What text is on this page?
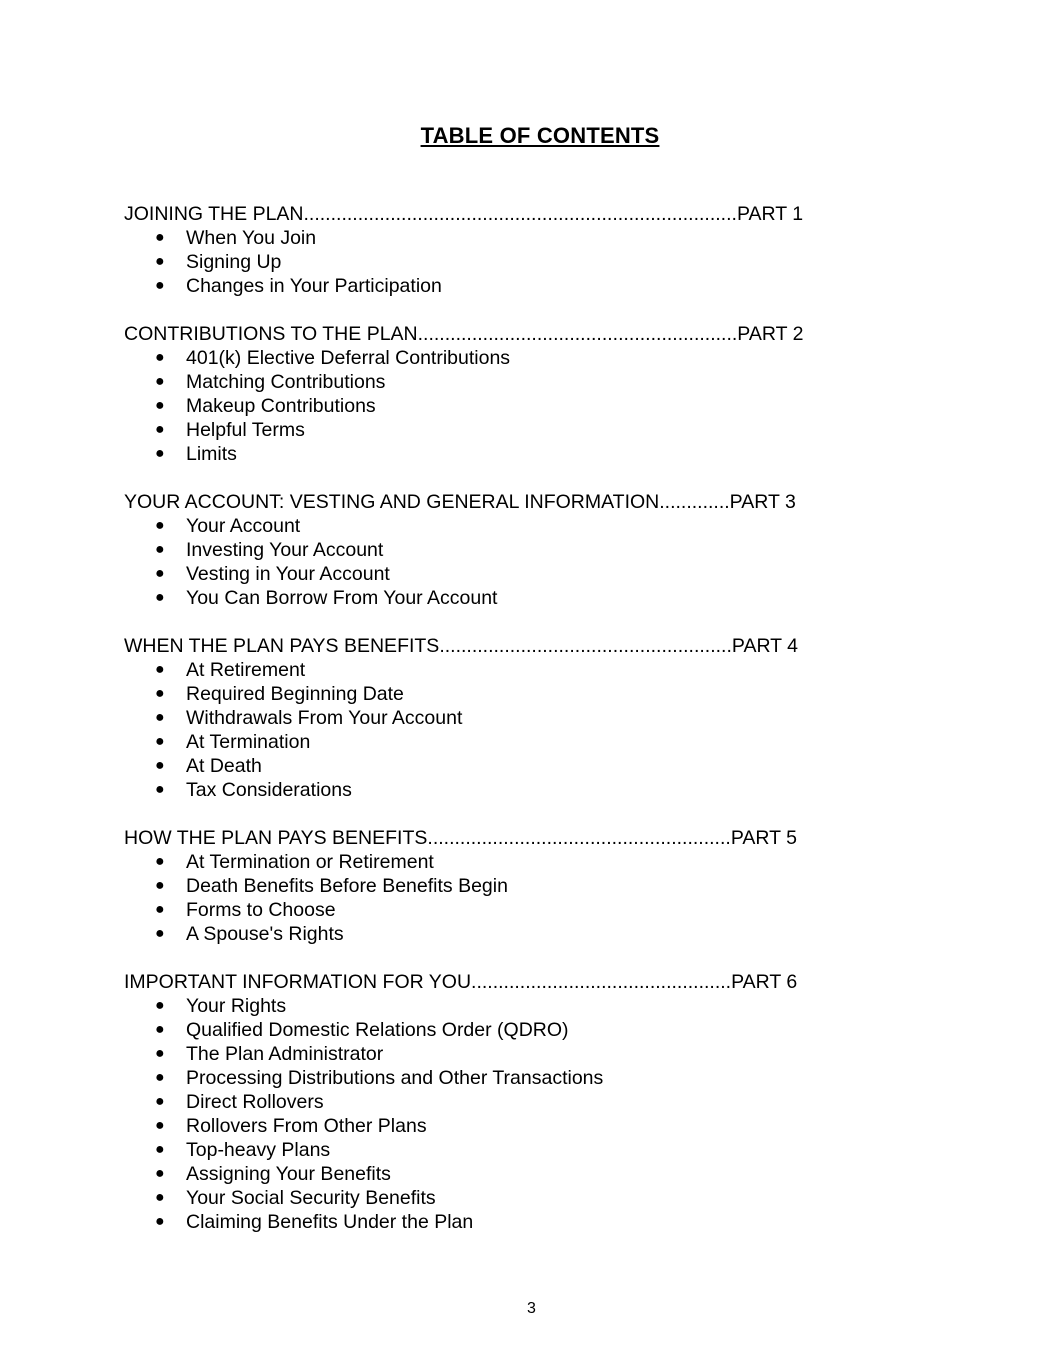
TABLE OF CONTENTS
JOINING THE PLAN................................................................................PART 1
● When You Join
● Signing Up
● Changes in Your Participation
CONTRIBUTIONS TO THE PLAN...........................................................PART 2
● 401(k) Elective Deferral Contributions
● Matching Contributions
● Makeup Contributions
● Helpful Terms
● Limits
YOUR ACCOUNT: VESTING AND GENERAL INFORMATION.............PART 3
● Your Account
● Investing Your Account
● Vesting in Your Account
● You Can Borrow From Your Account
WHEN THE PLAN PAYS BENEFITS......................................................PART 4
● At Retirement
● Required Beginning Date
● Withdrawals From Your Account
● At Termination
● At Death
● Tax Considerations
HOW THE PLAN PAYS BENEFITS........................................................PART 5
● At Termination or Retirement
● Death Benefits Before Benefits Begin
● Forms to Choose
● A Spouse's Rights
IMPORTANT INFORMATION FOR YOU................................................PART 6
● Your Rights
● Qualified Domestic Relations Order (QDRO)
● The Plan Administrator
● Processing Distributions and Other Transactions
● Direct Rollovers
● Rollovers From Other Plans
● Top-heavy Plans
● Assigning Your Benefits
● Your Social Security Benefits
● Claiming Benefits Under the Plan
3
